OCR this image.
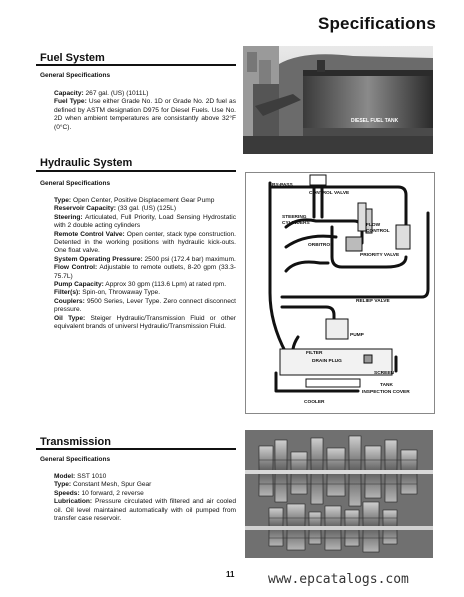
Specifications
Fuel System
General Specifications

Capacity: 267 gal. (US) (1011L)

Fuel Type: Use either Grade No. 1D or Grade No. 2D fuel as defined by ASTM designation D975 for Diesel Fuels. Use No. 2D when ambient temperatures are consistantly above 32°F (0°C).

DIESEL FUEL TANK
Hydraulic System
General Specifications

Type: Open Center, Positive Displacement Gear Pump

Reservoir Capacity: (33 gal. (US) (125L)

Steering: Articulated, Full Priority, Load Sensing Hydrostatic with 2 double acting cylinders

Remote Control Valve: Open center, stack type construction. Detented in the working positions with hydraulic kick-outs. One float valve.

System Operating Pressure: 2500 psi (172.4 bar) maximum.

Flow Control: Adjustable to remote outlets, 8-20 gpm (33.3-75.7L)

Pump Capacity: Approx 30 gpm (113.6 Lpm) at rated rpm.

Filter(s): Spin-on, Throwaway Type.

Couplers: 9500 Series, Lever Type. Zero connect disconnect pressure.

Oil Type: Steiger Hydraulic/Transmission Fluid or other equivalent brands of universl Hydraulic/Transmission Fluid.

BY-PASS
CONTROL VALVE
STEERING
CYLINDERS	FLOW
CONTROL
ORBITROL
PRIORITY VALVE
RELIEF VALVE
PUMP
FILTER
DRAIN PLUG
SCREEN
TANK
INSPECTION COVER
COOLER
Transmission
General Specifications

Model: SST 1010

Type: Constant Mesh, Spur Gear

Speeds: 10 forward, 2 reverse

Lubrication: Pressure circulated with filtered and air cooled oil. Oil level maintained automatically with oil pumped from transfer case reservoir.

11	www.epcatalogs.com
